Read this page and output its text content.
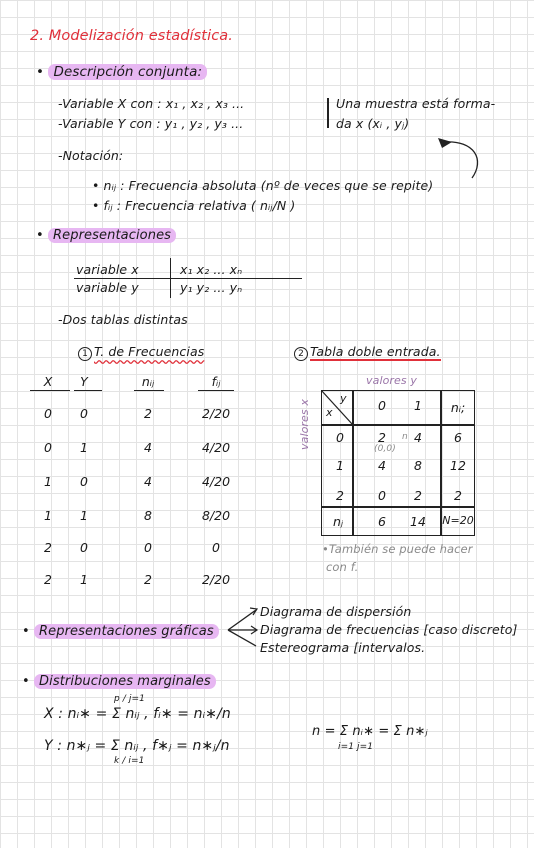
2. Modelización estadística.
• Descripción conjunta:
-Variable X con : x₁ , x₂ , x₃ ...
-Variable Y con : y₁ , y₂ , y₃ ...
Una muestra está forma-
da x (xᵢ , yⱼ)
-Notación:
• nᵢⱼ : Frecuencia absoluta (nº de veces que se repite)
• fᵢⱼ : Frecuencia relativa ( nᵢⱼ/N )
• Representaciones
variable x	x₁ x₂ ... xₙ
variable y	y₁ y₂ ... yₙ
-Dos tablas distintas
1 T. de Frecuencias	2 Tabla doble entrada.
X	Y	nᵢⱼ	fᵢⱼ
0	0	2	2/20
0	1	4	4/20
1	0	4	4/20
1	1	8	8/20
2	0	0	0
2	1	2	2/20
valores y
valores x x
y	0	1	nᵢ;
0	2	4	6
(0,0)
n
1	4	8	12
2	0	2	2
nⱼ	6	14	N=20
•También se puede hacer
con f.
• Representaciones gráficas
Diagrama de dispersión
Diagrama de frecuencias [caso discreto]
Estereograma [intervalos.
• Distribuciones marginales
X : nᵢ∗ = Σ nᵢⱼ , fᵢ∗ = nᵢ∗/n
p / j=1
Y : n∗ⱼ = Σ nᵢⱼ , f∗ⱼ = n∗ⱼ/n
k / i=1
n = Σ nᵢ∗ = Σ n∗ⱼ
i=1 j=1
